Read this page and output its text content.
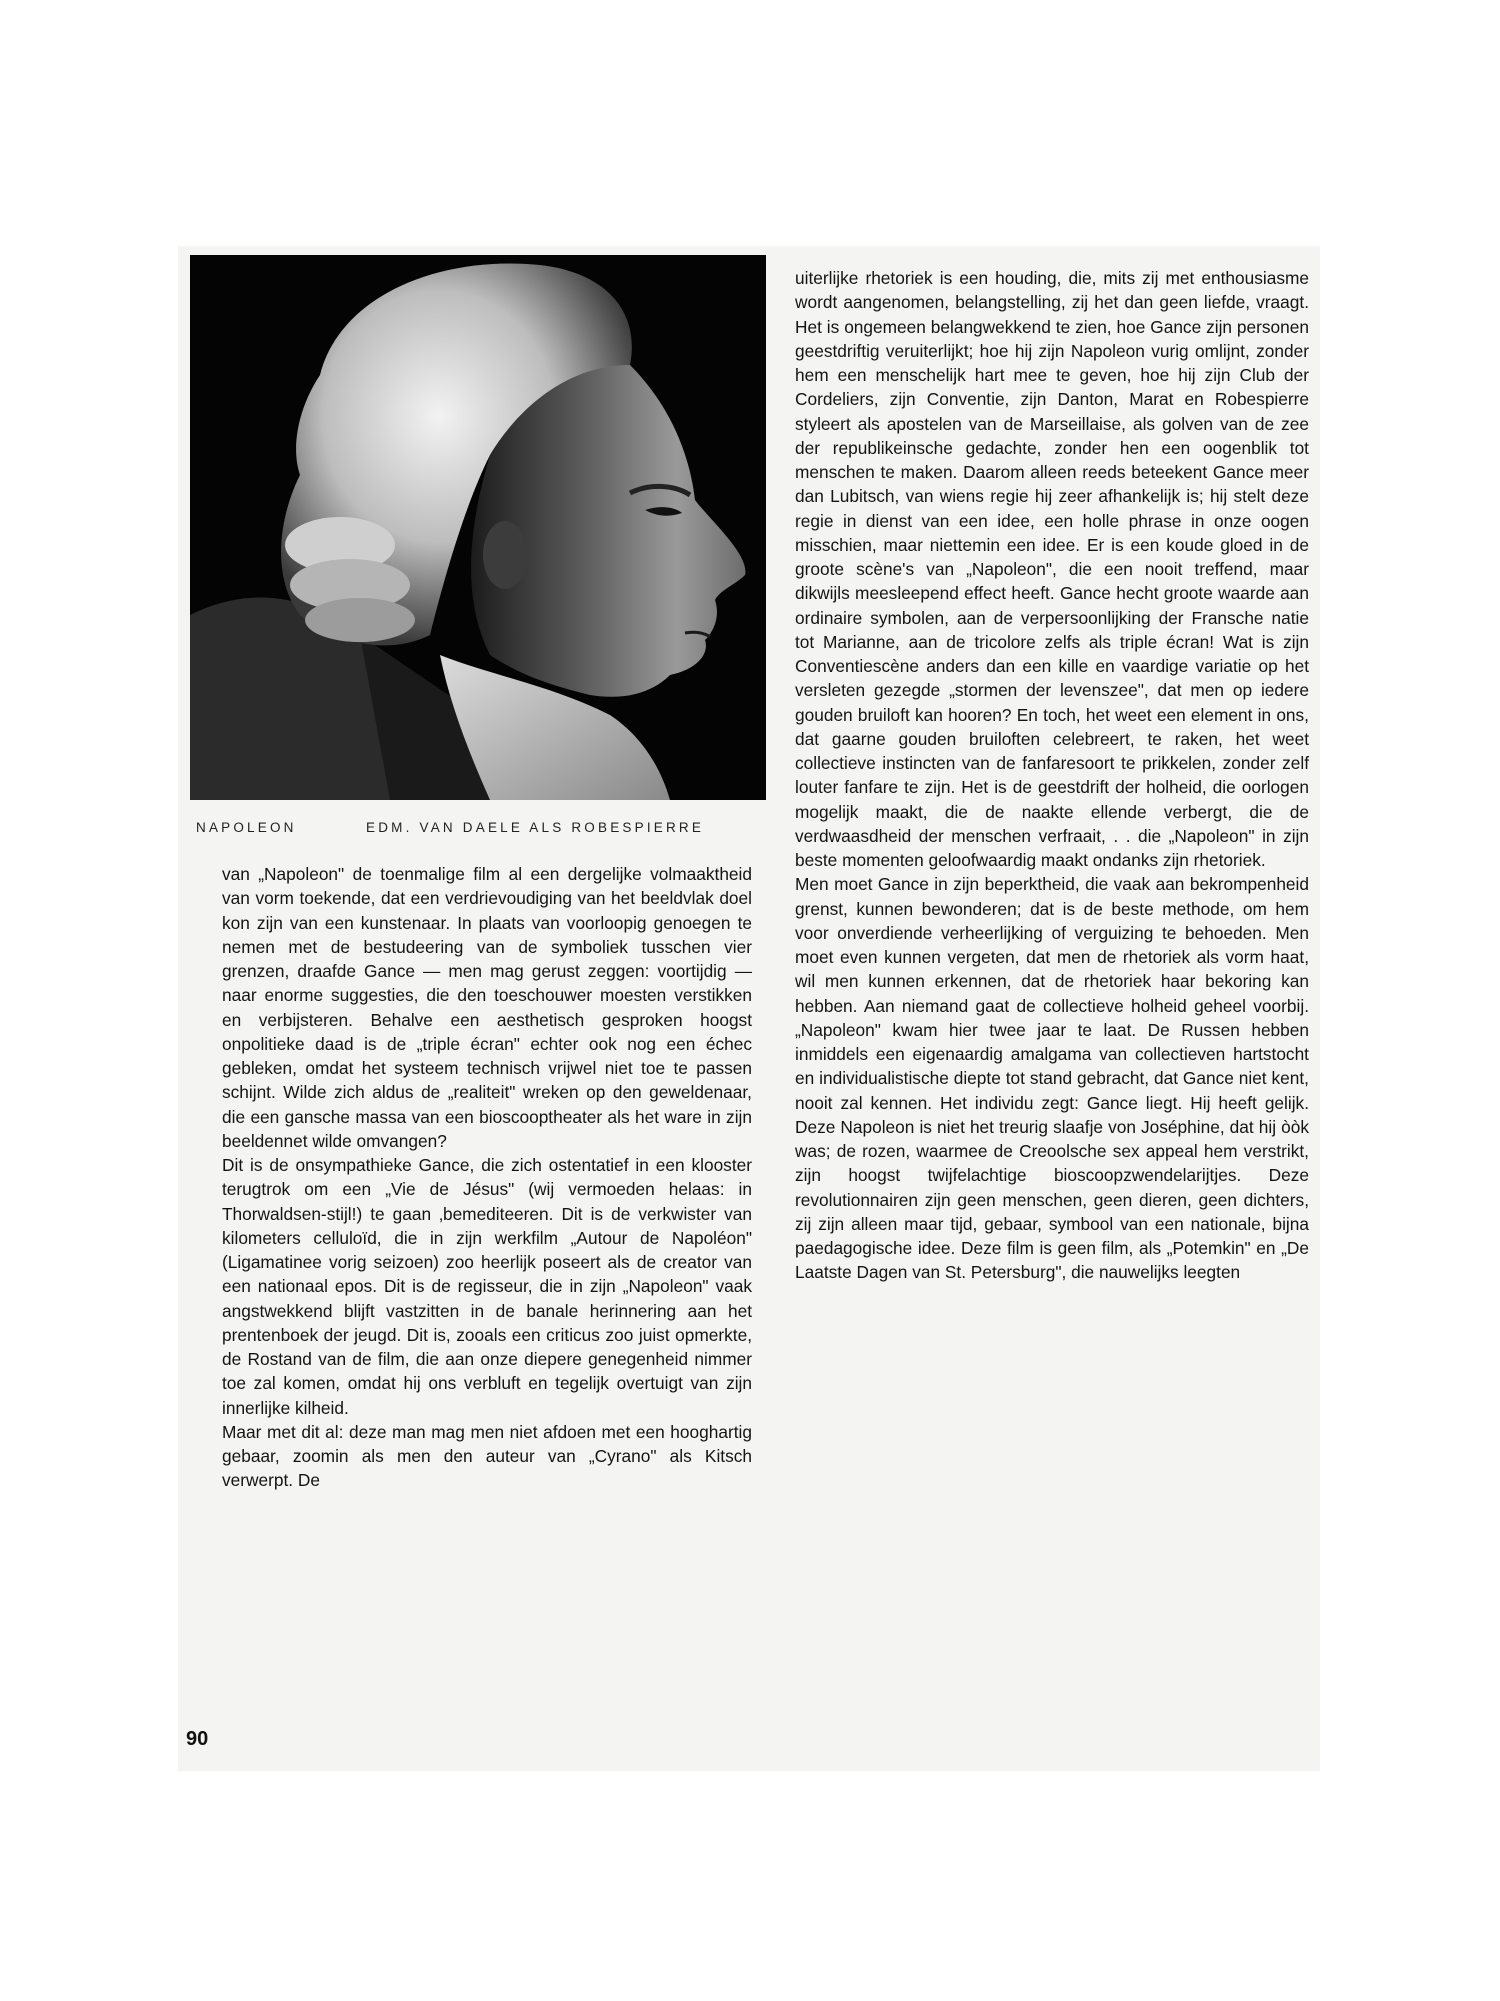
NAPOLEON	EDM. VAN DAELE ALS ROBESPIERRE

van „Napoleon" de toenmalige film al een dergelijke volmaaktheid van vorm toekende, dat een verdrievoudiging van het beeldvlak doel kon zijn van een kunstenaar. In plaats van voorloopig genoegen te nemen met de bestudeering van de symboliek tusschen vier grenzen, draafde Gance — men mag gerust zeggen: voortijdig — naar enorme suggesties, die den toeschouwer moesten verstikken en verbijsteren. Behalve een aesthetisch gesproken hoogst onpolitieke daad is de „triple écran" echter ook nog een échec gebleken, omdat het systeem technisch vrijwel niet toe te passen schijnt. Wilde zich aldus de „realiteit" wreken op den geweldenaar, die een gansche massa van een bioscooptheater als het ware in zijn beeldennet wilde omvangen?

Dit is de onsympathieke Gance, die zich ostentatief in een klooster terugtrok om een „Vie de Jésus" (wij vermoeden helaas: in Thorwaldsen-stijl!) te gaan ‚bemediteeren. Dit is de verkwister van kilometers celluloïd, die in zijn werkfilm „Autour de Napoléon" (Ligamatinee vorig seizoen) zoo heerlijk poseert als de creator van een nationaal epos. Dit is de regisseur, die in zijn „Napoleon" vaak angstwekkend blijft vastzitten in de banale herinnering aan het prentenboek der jeugd. Dit is, zooals een criticus zoo juist opmerkte, de Rostand van de film, die aan onze diepere genegenheid nimmer toe zal komen, omdat hij ons verbluft en tegelijk overtuigt van zijn innerlijke kilheid.

Maar met dit al: deze man mag men niet afdoen met een hooghartig gebaar, zoomin als men den auteur van „Cyrano" als Kitsch verwerpt. De

uiterlijke rhetoriek is een houding, die, mits zij met enthousiasme wordt aangenomen, belangstelling, zij het dan geen liefde, vraagt. Het is ongemeen belangwekkend te zien, hoe Gance zijn personen geestdriftig veruiterlijkt; hoe hij zijn Napoleon vurig omlijnt, zonder hem een menschelijk hart mee te geven, hoe hij zijn Club der Cordeliers, zijn Conventie, zijn Danton, Marat en Robespierre styleert als apostelen van de Marseillaise, als golven van de zee der republikeinsche gedachte, zonder hen een oogenblik tot menschen te maken. Daarom alleen reeds beteekent Gance meer dan Lubitsch, van wiens regie hij zeer afhankelijk is; hij stelt deze regie in dienst van een idee, een holle phrase in onze oogen misschien, maar niettemin een idee. Er is een koude gloed in de groote scène's van „Napoleon", die een nooit treffend, maar dikwijls meesleepend effect heeft. Gance hecht groote waarde aan ordinaire symbolen, aan de verpersoonlijking der Fransche natie tot Marianne, aan de tricolore zelfs als triple écran! Wat is zijn Conventiescène anders dan een kille en vaardige variatie op het versleten gezegde „stormen der levenszee", dat men op iedere gouden bruiloft kan hooren? En toch, het weet een element in ons, dat gaarne gouden bruiloften celebreert, te raken, het weet collectieve instincten van de fanfaresoort te prikkelen, zonder zelf louter fanfare te zijn. Het is de geestdrift der holheid, die oorlogen mogelijk maakt, die de naakte ellende verbergt, die de verdwaasdheid der menschen verfraait, . . die „Napoleon" in zijn beste momenten geloofwaardig maakt ondanks zijn rhetoriek.

Men moet Gance in zijn beperktheid, die vaak aan bekrompenheid grenst, kunnen bewonderen; dat is de beste methode, om hem voor onverdiende verheerlijking of verguizing te behoeden. Men moet even kunnen vergeten, dat men de rhetoriek als vorm haat, wil men kunnen erkennen, dat de rhetoriek haar bekoring kan hebben. Aan niemand gaat de collectieve holheid geheel voorbij. „Napoleon" kwam hier twee jaar te laat. De Russen hebben inmiddels een eigenaardig amalgama van collectieven hartstocht en individualistische diepte tot stand gebracht, dat Gance niet kent, nooit zal kennen. Het individu zegt: Gance liegt. Hij heeft gelijk. Deze Napoleon is niet het treurig slaafje von Joséphine, dat hij òòk was; de rozen, waarmee de Creoolsche sex appeal hem verstrikt, zijn hoogst twijfelachtige bioscoopzwendelarijtjes. Deze revolutionnairen zijn geen menschen, geen dieren, geen dichters, zij zijn alleen maar tijd, gebaar, symbool van een nationale, bijna paedagogische idee. Deze film is geen film, als „Potemkin" en „De Laatste Dagen van St. Petersburg", die nauwelijks leegten

90
